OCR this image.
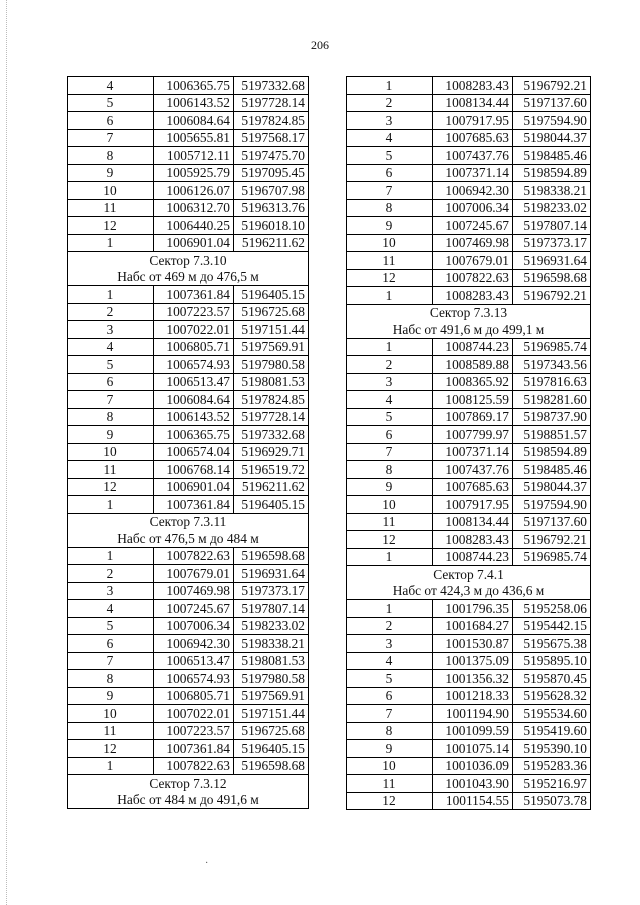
206
4	1006365.75	5197332.68
5	1006143.52	5197728.14
6	1006084.64	5197824.85
7	1005655.81	5197568.17
8	1005712.11	5197475.70
9	1005925.79	5197095.45
10	1006126.07	5196707.98
11	1006312.70	5196313.76
12	1006440.25	5196018.10
1	1006901.04	5196211.62
Сектор 7.3.10		
Набс от 469 м до 476,5 м		
1	1007361.84	5196405.15
2	1007223.57	5196725.68
3	1007022.01	5197151.44
4	1006805.71	5197569.91
5	1006574.93	5197980.58
6	1006513.47	5198081.53
7	1006084.64	5197824.85
8	1006143.52	5197728.14
9	1006365.75	5197332.68
10	1006574.04	5196929.71
11	1006768.14	5196519.72
12	1006901.04	5196211.62
1	1007361.84	5196405.15
Сектор 7.3.11		
Набс от 476,5 м до 484 м		
1	1007822.63	5196598.68
2	1007679.01	5196931.64
3	1007469.98	5197373.17
4	1007245.67	5197807.14
5	1007006.34	5198233.02
6	1006942.30	5198338.21
7	1006513.47	5198081.53
8	1006574.93	5197980.58
9	1006805.71	5197569.91
10	1007022.01	5197151.44
11	1007223.57	5196725.68
12	1007361.84	5196405.15
1	1007822.63	5196598.68
Сектор 7.3.12		
Набс от 484 м до 491,6 м		
1	1008283.43	5196792.21
2	1008134.44	5197137.60
3	1007917.95	5197594.90
4	1007685.63	5198044.37
5	1007437.76	5198485.46
6	1007371.14	5198594.89
7	1006942.30	5198338.21
8	1007006.34	5198233.02
9	1007245.67	5197807.14
10	1007469.98	5197373.17
11	1007679.01	5196931.64
12	1007822.63	5196598.68
1	1008283.43	5196792.21
Сектор 7.3.13		
Набс от 491,6 м до 499,1 м		
1	1008744.23	5196985.74
2	1008589.88	5197343.56
3	1008365.92	5197816.63
4	1008125.59	5198281.60
5	1007869.17	5198737.90
6	1007799.97	5198851.57
7	1007371.14	5198594.89
8	1007437.76	5198485.46
9	1007685.63	5198044.37
10	1007917.95	5197594.90
11	1008134.44	5197137.60
12	1008283.43	5196792.21
1	1008744.23	5196985.74
Сектор 7.4.1		
Набс от 424,3 м до 436,6 м		
1	1001796.35	5195258.06
2	1001684.27	5195442.15
3	1001530.87	5195675.38
4	1001375.09	5195895.10
5	1001356.32	5195870.45
6	1001218.33	5195628.32
7	1001194.90	5195534.60
8	1001099.59	5195419.60
9	1001075.14	5195390.10
10	1001036.09	5195283.36
11	1001043.90	5195216.97
12	1001154.55	5195073.78
·
